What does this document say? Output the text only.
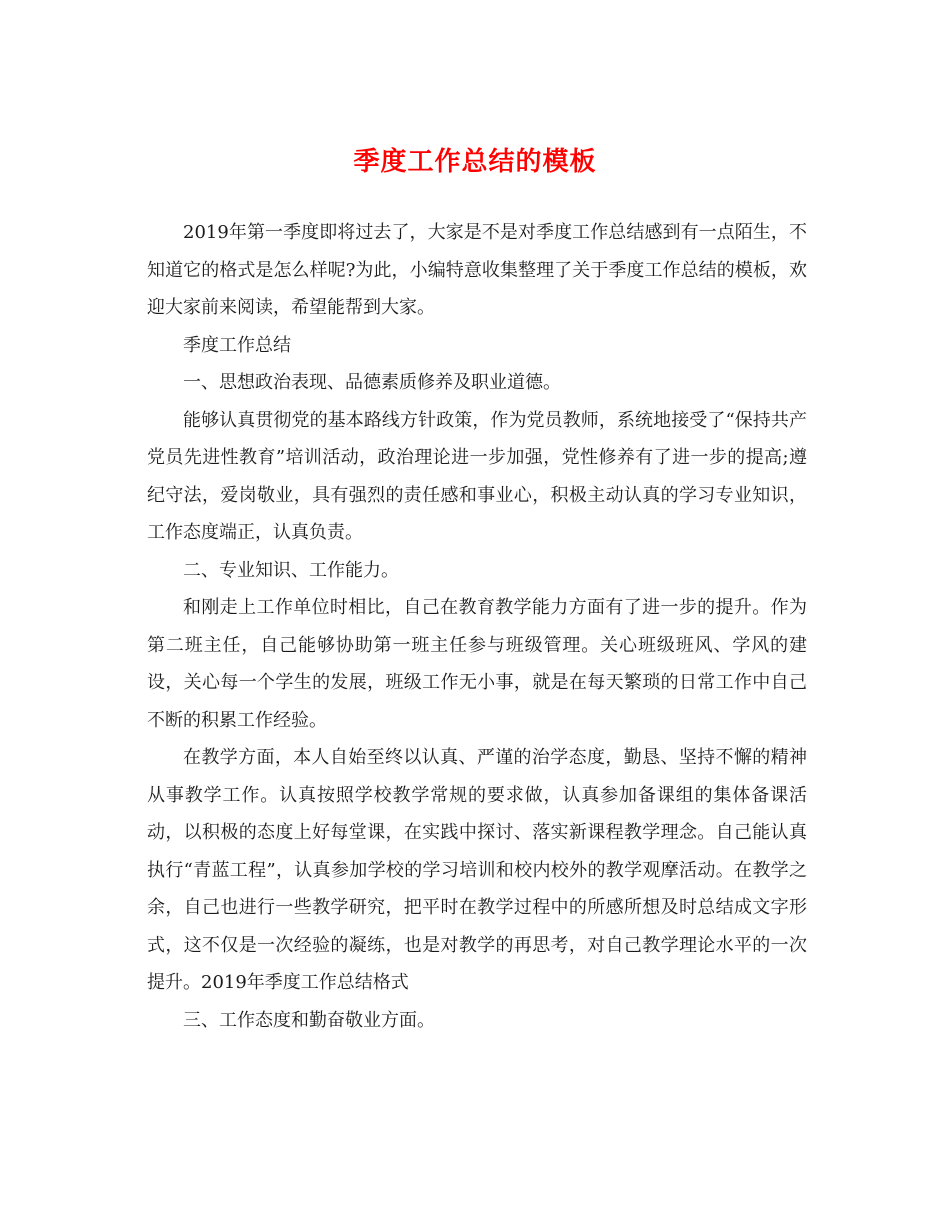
季度工作总结的模板

2019年第一季度即将过去了，大家是不是对季度工作总结感到有一点陌生，不知道它的格式是怎么样呢?为此，小编特意收集整理了关于季度工作总结的模板，欢迎大家前来阅读，希望能帮到大家。

季度工作总结

一、思想政治表现、品德素质修养及职业道德。

能够认真贯彻党的基本路线方针政策，作为党员教师，系统地接受了“保持共产党员先进性教育”培训活动，政治理论进一步加强，党性修养有了进一步的提高;遵纪守法，爱岗敬业，具有强烈的责任感和事业心，积极主动认真的学习专业知识，工作态度端正，认真负责。

二、专业知识、工作能力。

和刚走上工作单位时相比，自己在教育教学能力方面有了进一步的提升。作为第二班主任，自己能够协助第一班主任参与班级管理。关心班级班风、学风的建设，关心每一个学生的发展，班级工作无小事，就是在每天繁琐的日常工作中自己不断的积累工作经验。

在教学方面，本人自始至终以认真、严谨的治学态度，勤恳、坚持不懈的精神从事教学工作。认真按照学校教学常规的要求做，认真参加备课组的集体备课活动，以积极的态度上好每堂课，在实践中探讨、落实新课程教学理念。自己能认真执行“青蓝工程”，认真参加学校的学习培训和校内校外的教学观摩活动。在教学之余，自己也进行一些教学研究，把平时在教学过程中的所感所想及时总结成文字形式，这不仅是一次经验的凝练，也是对教学的再思考，对自己教学理论水平的一次提升。2019年季度工作总结格式

三、工作态度和勤奋敬业方面。
